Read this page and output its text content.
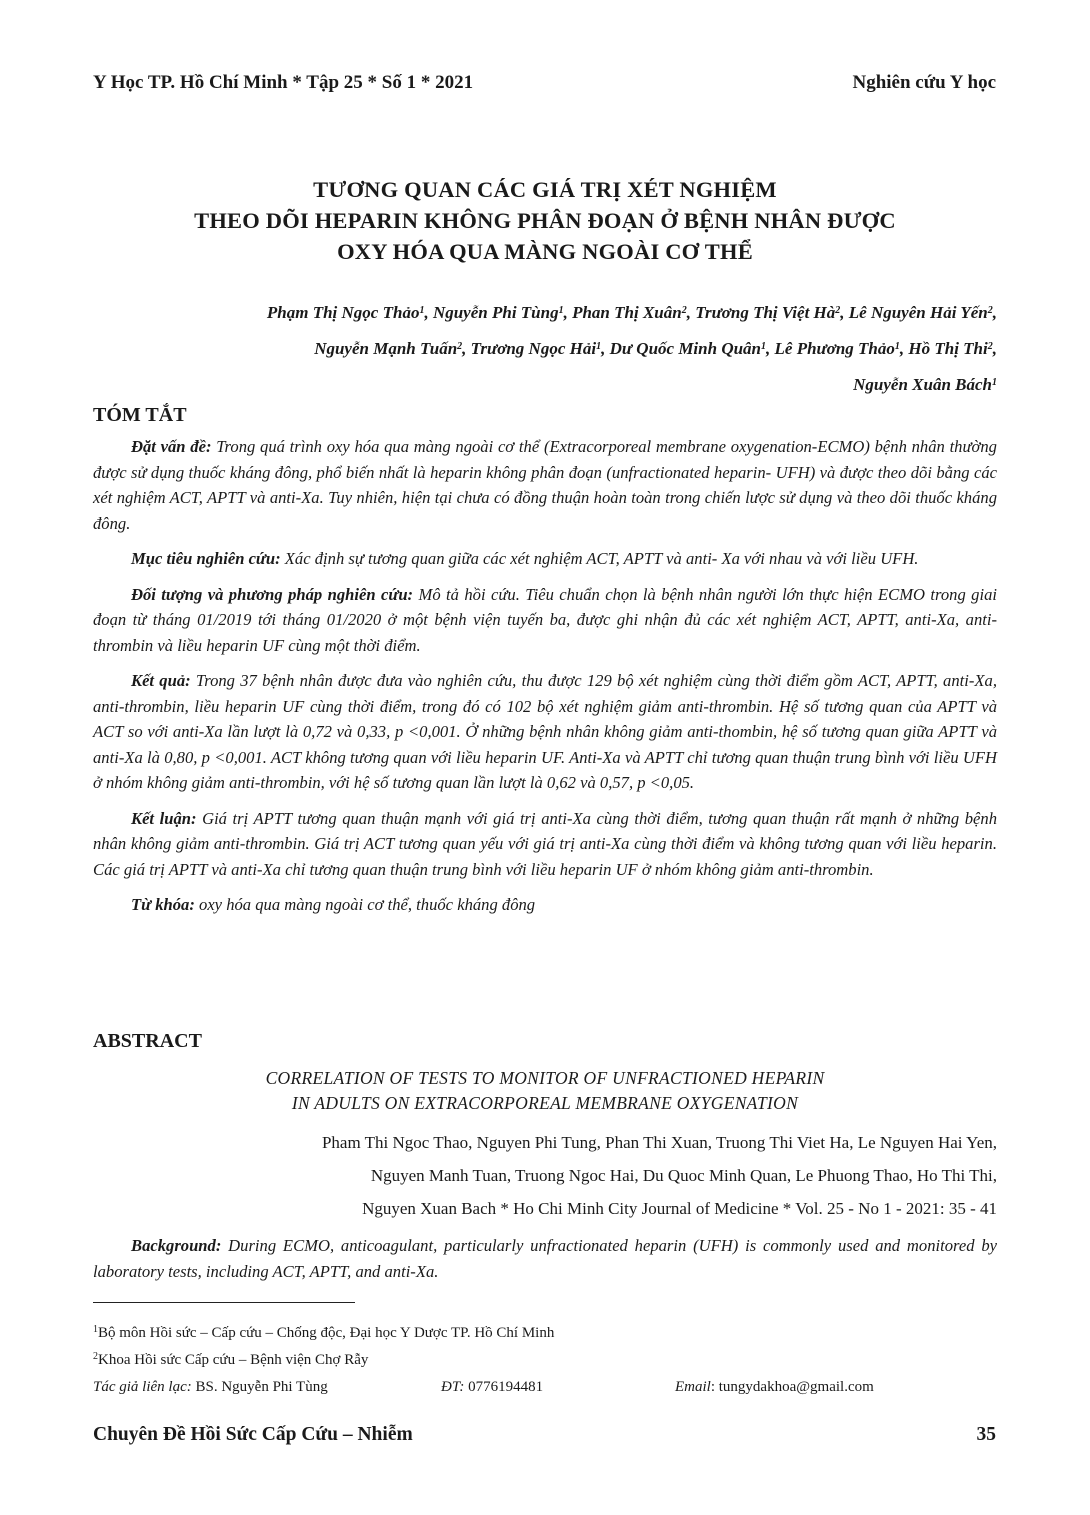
Y Học TP. Hồ Chí Minh * Tập 25 * Số 1 * 2021	Nghiên cứu Y học
TƯƠNG QUAN CÁC GIÁ TRỊ XÉT NGHIỆM
THEO DÕI HEPARIN KHÔNG PHÂN ĐOẠN Ở BỆNH NHÂN ĐƯỢC
OXY HÓA QUA MÀNG NGOÀI CƠ THỂ
Phạm Thị Ngọc Thảo$^1$, Nguyễn Phi Tùng$^1$, Phan Thị Xuân$^2$, Trương Thị Việt $Hà^2$, Lê Nguyên Hải Yến$^2$,
Nguyễn Mạnh Tuấn$^2$, Trương Ngọc Hải$^1$, Dư Quốc Minh Quân$^1$, Lê Phương Thảo$^1$, Hồ Thị Thi$^2$,
Nguyễn Xuân Bách$^1$
TÓM TẮT

Đặt vấn đề: Trong quá trình oxy hóa qua màng ngoài cơ thể (Extracorporeal membrane oxygenation-ECMO) bệnh nhân thường được sử dụng thuốc kháng đông, phổ biến nhất là heparin không phân đoạn (unfractionated heparin- UFH) và được theo dõi bằng các xét nghiệm ACT, APTT và anti-Xa. Tuy nhiên, hiện tại chưa có đồng thuận hoàn toàn trong chiến lược sử dụng và theo dõi thuốc kháng đông.

Mục tiêu nghiên cứu: Xác định sự tương quan giữa các xét nghiệm ACT, APTT và anti- Xa với nhau và với liều UFH.

Đối tượng và phương pháp nghiên cứu: Mô tả hồi cứu. Tiêu chuẩn chọn là bệnh nhân người lớn thực hiện ECMO trong giai đoạn từ tháng 01/2019 tới tháng 01/2020 ở một bệnh viện tuyến ba, được ghi nhận đủ các xét nghiệm ACT, APTT, anti-Xa, anti-thrombin và liều heparin UF cùng một thời điểm.

Kết quả: Trong 37 bệnh nhân được đưa vào nghiên cứu, thu được 129 bộ xét nghiệm cùng thời điểm gồm ACT, APTT, anti-Xa, anti-thrombin, liều heparin UF cùng thời điểm, trong đó có 102 bộ xét nghiệm giảm anti-thrombin. Hệ số tương quan của APTT và ACT so với anti-Xa lần lượt là 0,72 và 0,33, p <0,001. Ở những bệnh nhân không giảm anti-thombin, hệ số tương quan giữa APTT và anti-Xa là 0,80, p <0,001. ACT không tương quan với liều heparin UF. Anti-Xa và APTT chỉ tương quan thuận trung bình với liều UFH ở nhóm không giảm anti-thrombin, với hệ số tương quan lần lượt là 0,62 và 0,57, p <0,05.

Kết luận: Giá trị APTT tương quan thuận mạnh với giá trị anti-Xa cùng thời điểm, tương quan thuận rất mạnh ở những bệnh nhân không giảm anti-thrombin. Giá trị ACT tương quan yếu với giá trị anti-Xa cùng thời điểm và không tương quan với liều heparin. Các giá trị APTT và anti-Xa chỉ tương quan thuận trung bình với liều heparin UF ở nhóm không giảm anti-thrombin.

Từ khóa: oxy hóa qua màng ngoài cơ thể, thuốc kháng đông

ABSTRACT
CORRELATION OF TESTS TO MONITOR OF UNFRACTIONED HEPARIN
IN ADULTS ON EXTRACORPOREAL MEMBRANE OXYGENATION
Pham Thi Ngoc Thao, Nguyen Phi Tung, Phan Thi Xuan, Truong Thi Viet Ha, Le Nguyen Hai Yen,
Nguyen Manh Tuan, Truong Ngoc Hai, Du Quoc Minh Quan, Le Phuong Thao, Ho Thi Thi,
Nguyen Xuan Bach * Ho Chi Minh City Journal of Medicine * Vol. 25 - No 1 - 2021: 35 - 41

Background: During ECMO, anticoagulant, particularly unfractionated heparin (UFH) is commonly used and monitored by laboratory tests, including ACT, APTT, and anti-Xa.

$^1$Bộ môn Hồi sức – Cấp cứu – Chống độc, Đại học Y Dược TP. Hồ Chí Minh
$^2$Khoa Hồi sức Cấp cứu – Bệnh viện Chợ Rẫy
Tác giả liên lạc: BS. Nguyễn Phi Tùng	ĐT: 0776194481	Email: tungydakhoa@gmail.com
Chuyên Đề Hồi Sức Cấp Cứu – Nhiễm	35
